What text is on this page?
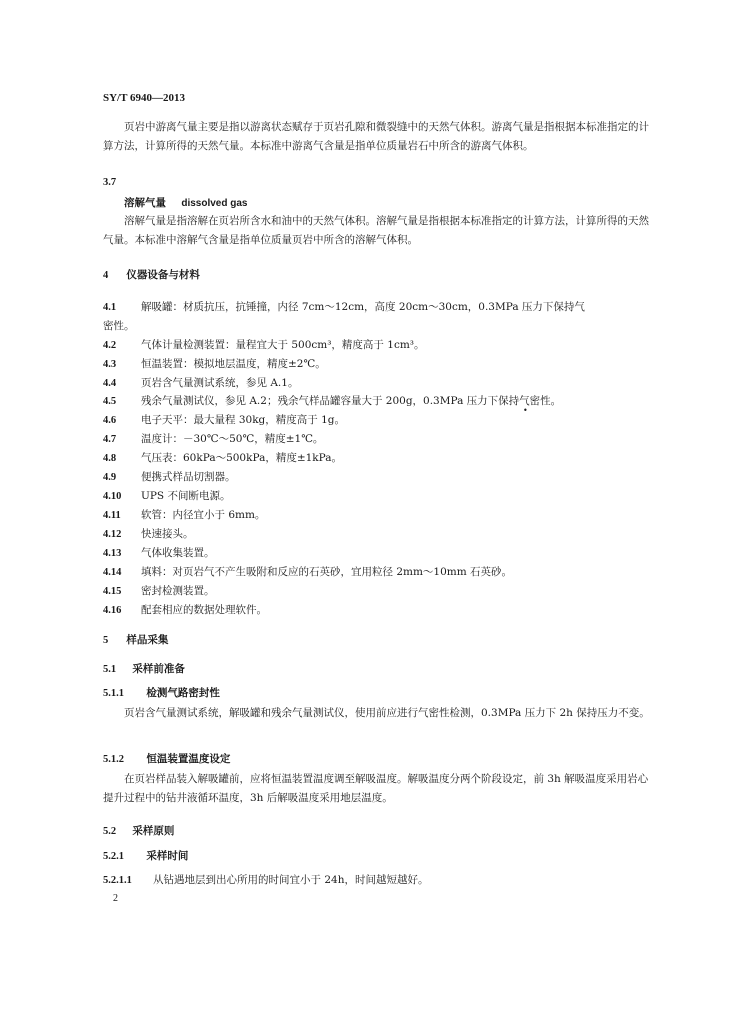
SY/T 6940—2013

页岩中游离气量主要是指以游离状态赋存于页岩孔隙和微裂缝中的天然气体积。游离气量是指根据本标准指定的计算方法，计算所得的天然气量。本标准中游离气含量是指单位质量岩石中所含的游离气体积。

3.7
溶解气量 dissolved gas

溶解气量是指溶解在页岩所含水和油中的天然气体积。溶解气量是指根据本标准指定的计算方法，计算所得的天然气量。本标准中溶解气含量是指单位质量页岩中所含的溶解气体积。

4 仪器设备与材料
4.1 解吸罐：材质抗压，抗锤撞，内径 7cm～12cm，高度 20cm～30cm，0.3MPa 压力下保持气
密性。
4.2 气体计量检测装置：量程宜大于 500cm³，精度高于 1cm³。
4.3 恒温装置：模拟地层温度，精度±2℃。
4.4 页岩含气量测试系统，参见 A.1。
4.5 残余气量测试仪，参见 A.2；残余气样品罐容量大于 200g，0.3MPa 压力下保持气密性。
•
4.6 电子天平：最大量程 30kg，精度高于 1g。
4.7 温度计：－30℃～50℃，精度±1℃。
4.8 气压表：60kPa～500kPa，精度±1kPa。
4.9 便携式样品切割器。
4.10 UPS 不间断电源。
4.11 软管：内径宜小于 6mm。
4.12 快速接头。
4.13 气体收集装置。
4.14 填料：对页岩气不产生吸附和反应的石英砂，宜用粒径 2mm～10mm 石英砂。
4.15 密封检测装置。
4.16 配套相应的数据处理软件。
5 样品采集
5.1 采样前准备
5.1.1 检测气路密封性

页岩含气量测试系统，解吸罐和残余气量测试仪，使用前应进行气密性检测，0.3MPa 压力下 2h 保持压力不变。

5.1.2 恒温装置温度设定

在页岩样品装入解吸罐前，应将恒温装置温度调至解吸温度。解吸温度分两个阶段设定，前 3h 解吸温度采用岩心提升过程中的钻井液循环温度，3h 后解吸温度采用地层温度。

5.2 采样原则
5.2.1 采样时间
5.2.1.1 从钻遇地层到出心所用的时间宜小于 24h，时间越短越好。
2
